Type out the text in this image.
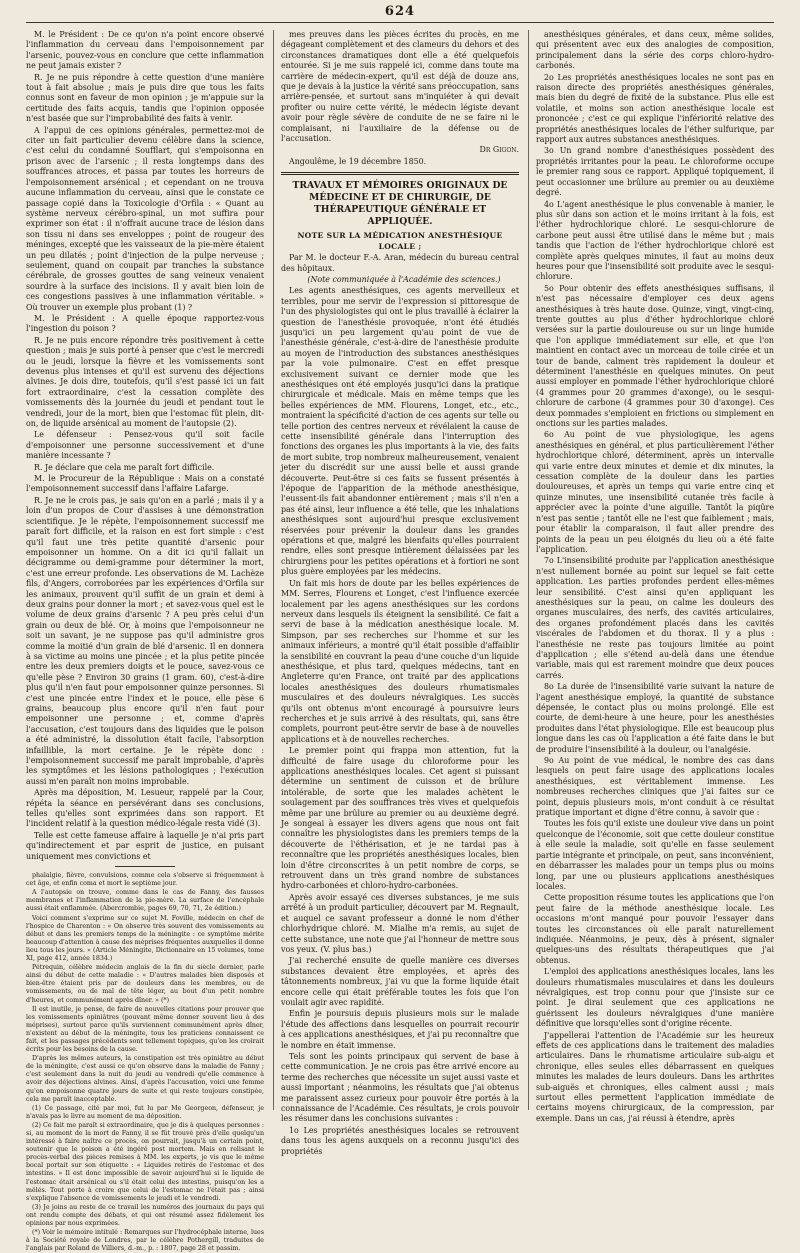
624

M. le Président : De ce qu'on n'a point encore observé l'inflammation du cerveau dans l'empoisonnement par l'arsenic, pouvez-vous en conclure que cette inflammation ne peut jamais exister ?

R. Je ne puis répondre à cette question d'une manière tout à fait absolue ; mais je puis dire que tous les faits connus sont en faveur de mon opinion ; je m'appuie sur la certitude des faits acquis, tandis que l'opinion opposée n'est basée que sur l'improbabilité des faits à venir.

A l'appui de ces opinions générales, permettez-moi de citer un fait particulier devenu célèbre dans la science, c'est celui du condamné Soufflart, qui s'empoisonna en prison avec de l'arsenic ; il resta longtemps dans des souffrances atroces, et passa par toutes les horreurs de l'empoisonnement arsénical ; et cependant on ne trouva aucune inflammation du cerveau, ainsi que le constate ce passage copié dans la Toxicologie d'Orfila : « Quant au système nerveux cérébro-spinal, un mot suffira pour exprimer son état : il n'offrait aucune trace de lésion dans son tissu ni dans ses enveloppes ; point de rougeur des méninges, excepté que les vaisseaux de la pie-mère étaient un peu dilatés ; point d'injection de la pulpe nerveuse ; seulement, quand on coupait par tranches la substance cérébrale, de grosses gouttes de sang veineux venaient sourdre à la surface des incisions. Il y avait bien loin de ces congestions passives à une inflammation véritable. » Où trouver un exemple plus probant (1) ?

M. le Président : A quelle époque rapportez-vous l'ingestion du poison ?

R. Je ne puis encore répondre très positivement à cette question ; mais je suis porté à penser que c'est le mercredi ou le jeudi, lorsque la fièvre et les vomissements sont devenus plus intenses et qu'il est survenu des déjections alvines. Je dois dire, toutefois, qu'il s'est passé ici un fait fort extraordinaire, c'est la cessation complète des vomissements dès la journée du jeudi et pendant tout le vendredi, jour de la mort, bien que l'estomac fût plein, dit-on, de liquide arsénical au moment de l'autopsie (2).

Le défenseur : Pensez-vous qu'il soit facile d'empoisonner une personne successivement et d'une manière incessante ?

R. Je déclare que cela me paraît fort difficile.

M. le Procureur de la République : Mais on a constaté l'empoisonnement successif dans l'affaire Lafarge.

R. Je ne le crois pas, je sais qu'on en a parlé ; mais il y a loin d'un propos de Cour d'assises à une démonstration scientifique. Je le répète, l'empoisonnement successif me paraît fort difficile, et la raison en est fort simple : c'est qu'il faut une très petite quantité d'arsenic pour empoisonner un homme. On a dit ici qu'il fallait un décigramme ou demi-gramme pour déterminer la mort, c'est une erreur profonde. Les observations de M. Lachèze fils, d'Angers, corroborées par les expériences d'Orfila sur les animaux, prouvent qu'il suffit de un grain et demi à deux grains pour donner la mort ; et savez-vous quel est le volume de deux grains d'arsenic ? A peu près celui d'un grain ou deux de blé. Or, à moins que l'empoisonneur ne soit un savant, je ne suppose pas qu'il administre gros comme la moitié d'un grain de blé d'arsenic. Il en donnera à sa victime au moins une pincée ; et la plus petite pincée entre les deux premiers doigts et le pouce, savez-vous ce qu'elle pèse ? Environ 30 grains (1 gram. 60), c'est-à-dire plus qu'il n'en faut pour empoisonner quinze personnes. Si c'est une pincée entre l'index et le pouce, elle pèse 6 grains, beaucoup plus encore qu'il n'en faut pour empoisonner une personne ; et, comme d'après l'accusation, c'est toujours dans des liquides que le poison a été administré, la dissolution était facile, l'absorption infaillible, la mort certaine. Je le répète donc : l'empoisonnement successif me paraît improbable, d'après les symptômes et les lésions pathologiques ; l'exécution aussi m'en paraît non moins improbable.

Après ma déposition, M. Lesueur, rappelé par la Cour, répéta la séance en persévérant dans ses conclusions, telles qu'elles sont exprimées dans son rapport. Et l'incident relatif à la question médico-légale resta vidé (3).

Telle est cette fameuse affaire à laquelle je n'ai pris part qu'indirectement et par esprit de justice, en puisant uniquement mes convictions et

phalalgie, fièvre, convulsions, comme cela s'observe si fréquemment à cet âge, et enfin coma et mort le septième jour.

A l'autopsie on trouve, comme dans le cas de Fanny, des fausses membranes et l'inflammation de la pie-mère. La surface de l'encéphale aussi était enflammée. (Abercrombie, pages 69, 70, 71, 2e édition.)

Voici comment s'exprime sur ce sujet M. Foville, médecin en chef de l'hospice de Charenton : « On observe très souvent des vomissements au début et dans les premiers temps de la méningite : ce symptôme mérite beaucoup d'attention à cause des méprises fréquentes auxquelles il donne lieu tous les jours. » (Article Méningite, Dictionnaire en 15 volumes, tome XI, page 412, année 1834.)

Pétrequin, célèbre médecin anglais de la fin du siècle dernier, parle ainsi du début de cette maladie : « D'autres malades bien disposés et bien-être étaient pris par de douleurs dans les membres, ou de vomissements, ou de mal de tête léger, au bout d'un petit nombre d'heures, et communément après dîner. » (*)

Il est inutile, je pense, de faire de nouvelles citations pour prouver que les vomissements opiniâtres (pouvant même donner souvent lieu à des méprises), surtout parce qu'ils surviennent communément après dîner, n'existent au début de la méningite, tous les praticiens connaissent ce fait, et les passages précédents sont tellement topiques, qu'on les croirait écrits pour les besoins de la cause.

D'après les mêmes auteurs, la constipation est très opiniâtre au début de la méningite, c'est aussi ce qu'on observe dans la maladie de Fanny ; c'est seulement dans la nuit du jeudi au vendredi qu'elle commence à avoir des déjections alvines. Ainsi, d'après l'accusation, voici une femme qu'on empoisonne quatre jours de suite et qui reste toujours constipée, cela me paraît inacceptable.

(1) Ce passage, cité par moi, fut lu par Me Georgeon, défenseur, je n'avais pas le livre au moment de ma déposition.

(2) Ce fait me paraît si extraordinaire, que je dis à quelques personnes : si, au moment de la mort de Fanny, il se fût trouvé près d'elle quelqu'un intéressé à faire naître ce procès, on pourrait, jusqu'à un certain point, soutenir que le poison a été ingéré post mortem. Mais en relisant le procès-verbal des pièces remises à MM. les experts, je vis que le même bocal portait sur son étiquette : « Liquides retirés de l'estomac et des intestins. » Il est donc impossible de savoir aujourd'hui si le liquide de l'estomac était arsénical ou s'il était celui des intestins, puisqu'on les a mêlés. Tout porte à croire que celui de l'estomac ne l'était pas ; ainsi s'explique l'absence de vomissements le jeudi et le vendredi.

(3) Je joins au reste de ce travail les numéros des journaux du pays qui ont rendu compte des débats, et qui ont résumé assez fidèlement les opinions par nous exprimées.

(*) Voir le mémoire intitulé : Remarques sur l'hydrocéphale interne, lues à la Société royale de Londres, par le célèbre Pothergill, traduites de l'anglais par Roland de Villiers, d.-m., p. : 1807, page 28 et passim.

mes preuves dans les pièces écrites du procès, en me dégageant complètement et des clameurs du dehors et des circonstances dramatiques dont elle a été quelquefois entourée. Si je me suis rappelé ici, comme dans toute ma carrière de médecin-expert, qu'il est déjà de douze ans, que je devais à la justice la vérité sans préoccupation, sans arrière-pensée, et surtout sans m'inquiéter à qui devait profiter ou nuire cette vérité, le médecin légiste devant avoir pour règle sévère de conduite de ne se faire ni le complaisant, ni l'auxiliaire de la défense ou de l'accusation.

Dr Gigon.

Angoulême, le 19 décembre 1850.

TRAVAUX ET MÉMOIRES ORIGINAUX DE MÉDECINE ET DE CHIRURGIE, DE THÉRAPEUTIQUE GÉNÉRALE ET APPLIQUÉE.
NOTE SUR LA MÉDICATION ANESTHÉSIQUE LOCALE ;

Par M. le docteur F.-A. Aran, médecin du bureau central des hôpitaux.

(Note communiquée à l'Académie des sciences.)

Les agents anesthésiques, ces agents merveilleux et terribles, pour me servir de l'expression si pittoresque de l'un des physiologistes qui ont le plus travaillé à éclairer la question de l'anesthésie provoquée, n'ont été étudiés jusqu'ici un peu largement qu'au point de vue de l'anesthésie générale, c'est-à-dire de l'anesthésie produite au moyen de l'introduction des substances anesthésiques par la voie pulmonaire. C'est en effet presque exclusivement suivant ce dernier mode que les anesthésiques ont été employés jusqu'ici dans la pratique chirurgicale et médicale. Mais en même temps que les belles expériences de MM. Flourens, Longet, etc., etc., montraient la spécificité d'action de ces agents sur telle ou telle portion des centres nerveux et révélaient la cause de cette insensibilité générale dans l'interruption des fonctions des organes les plus importants à la vie, des faits de mort subite, trop nombreux malheureusement, venaient jeter du discrédit sur une aussi belle et aussi grande découverte. Peut-être si ces faits se fussent présentés à l'époque de l'apparition de la méthode anesthésique, l'eussent-ils fait abandonner entièrement ; mais s'il n'en a pas été ainsi, leur influence a été telle, que les inhalations anesthésiques sont aujourd'hui presque exclusivement réservées pour prévenir la douleur dans les grandes opérations et que, malgré les bienfaits qu'elles pourraient rendre, elles sont presque intièrement délaissées par les chirurgiens pour les petites opérations et à fortiori ne sont plus guère employées par les médecins.

Un fait mis hors de doute par les belles expériences de MM. Serres, Flourens et Longet, c'est l'influence exercée localement par les agens anesthésiques sur les cordons nerveux dans lesquels ils éteignent la sensibilité. Ce fait a servi de base à la médication anesthésique locale. M. Simpson, par ses recherches sur l'homme et sur les animaux inférieurs, a montré qu'il était possible d'affaiblir la sensibilité en couvrant la peau d'une couche d'un liquide anesthésique, et plus tard, quelques médecins, tant en Angleterre qu'en France, ont traité par des applications locales anesthésiques des douleurs rhumatismales musculaires et des douleurs névralgiques. Les succès qu'ils ont obtenus m'ont encouragé à poursuivre leurs recherches et je suis arrivé à des résultats, qui, sans être complets, pourront peut-être servir de base à de nouvelles applications et à de nouvelles recherches.

Le premier point qui frappa mon attention, fut la difficulté de faire usage du chloroforme pour les applications anesthésiques locales. Cet agent si puissant détermine un sentiment de cuisson et de brûlure intolérable, de sorte que les malades achètent le soulagement par des souffrances très vives et quelquefois même par une brûlure au premier ou au deuxième degré. Je songeai à essayer les divers agens que nous ont fait connaître les physiologistes dans les premiers temps de la découverte de l'éthérisation, et je ne tardai pas à reconnaître que les propriétés anesthésiques locales, bien loin d'être circonscrites à un petit nombre de corps, se retrouvent dans un très grand nombre de substances hydro-carbonées et chloro-hydro-carbonées.

Après avoir essayé ces diverses substances, je me suis arrêté à un produit particulier, découvert par M. Regnault, et auquel ce savant professeur a donné le nom d'éther chlorhydrique chloré. M. Mialhe m'a remis, au sujet de cette substance, une note que j'ai l'honneur de mettre sous vos yeux. (V. plus bas.)

J'ai recherché ensuite de quelle manière ces diverses substances devaient être employées, et après des tâtonnements nombreux, j'ai vu que la forme liquide était encore celle qui était préférable toutes les fois que l'on voulait agir avec rapidité.

Enfin je poursuis depuis plusieurs mois sur le malade l'étude des affections dans lesquelles on pourrait recourir à ces applications anesthésiques, et j'ai pu reconnaître que le nombre en était immense.

Tels sont les points principaux qui servent de base à cette communication. Je ne crois pas être arrivé encore au terme des recherches que nécessite un sujet aussi vaste et aussi important ; néanmoins, les résultats que j'ai obtenus me paraissent assez curieux pour pouvoir être portés à la connaissance de l'Académie. Ces résultats, je crois pouvoir les résumer dans les conclusions suivantes :

1o Les propriétés anesthésiques locales se retrouvent dans tous les agens auxquels on a reconnu jusqu'ici des propriétés

anesthésiques générales, et dans ceux, même solides, qui présentent avec eux des analogies de composition, principalement dans la série des corps chloro-hydro-carbonés.

2o Les propriétés anesthésiques locales ne sont pas en raison directe des propriétés anesthésiques générales, mais bien du degré de fixité de la substance. Plus elle est volatile, et moins son action anesthésique locale est prononcée ; c'est ce qui explique l'infériorité relative des propriétés anesthésiques locales de l'éther sulfurique, par rapport aux autres substances anesthésiques.

3o Un grand nombre d'anesthésiques possèdent des propriétés irritantes pour la peau. Le chloroforme occupe le premier rang sous ce rapport. Appliqué topiquement, il peut occasionner une brûlure au premier ou au deuxième degré.

4o L'agent anesthésique le plus convenable à manier, le plus sûr dans son action et le moins irritant à la fois, est l'éther hydrochlorique chloré. Le sesqui-chlorure de carbone peut aussi être utilisé dans le même but ; mais tandis que l'action de l'éther hydrochlorique chloré est complète après quelques minutes, il faut au moins deux heures pour que l'insensibilité soit produite avec le sesqui-chlorure.

5o Pour obtenir des effets anesthésiques suffisans, il n'est pas nécessaire d'employer ces deux agens anesthésiques à très haute dose. Quinze, vingt, vingt-cinq, trente gouttes au plus d'éther hydrochlorique chloré versées sur la partie douloureuse ou sur un linge humide que l'on applique immédiatement sur elle, et que l'on maintient en contact avec un morceau de toile cirée et un tour de bande, calment très rapidement la douleur et déterminent l'anesthésie en quelques minutes. On peut aussi employer en pommade l'éther hydrochlorique chloré (4 grammes pour 20 grammes d'axonge), ou le sesqui-chlorure de carbone (4 grammes pour 30 d'axonge). Ces deux pommades s'emploient en frictions ou simplement en onctions sur les parties malades.

6o Au point de vue physiologique, les agens anesthésiques en général, et plus particulièrement l'éther hydrochlorique chloré, déterminent, après un intervalle qui varie entre deux minutes et demie et dix minutes, la cessation complète de la douleur dans les parties douloureuses, et après un temps qui varie entre cinq et quinze minutes, une insensibilité cutanée très facile à apprécier avec la pointe d'une aiguille. Tantôt la piqûre n'est pas sentie ; tantôt elle ne l'est que faiblement ; mais, pour établir la comparaison, il faut aller prendre des points de la peau un peu éloignés du lieu où a été faite l'application.

7o L'insensibilité produite par l'application anesthésique n'est nullement bornée au point sur lequel se fait cette application. Les parties profondes perdent elles-mêmes leur sensibilité. C'est ainsi qu'en appliquant les anesthésiques sur la peau, on calme les douleurs des organes musculaires, des nerfs, des cavités articulaires, des organes profondément placés dans les cavités viscérales de l'abdomen et du thorax. Il y a plus : l'anesthésie ne reste pas toujours limitée au point d'application ; elle s'étend au-delà dans une étendue variable, mais qui est rarement moindre que deux pouces carrés.

8o La durée de l'insensibilité varie suivant la nature de l'agent anesthésique employé, la quantité de substance dépensée, le contact plus ou moins prolongé. Elle est courte, de demi-heure à une heure, pour les anesthésies produites dans l'état physiologique. Elle est beaucoup plus longue dans les cas où l'application a été faite dans le but de produire l'insensibilité à la douleur, ou l'analgésie.

9o Au point de vue médical, le nombre des cas dans lesquels on peut faire usage des applications locales anesthésiques, est véritablement immense. Les nombreuses recherches cliniques que j'ai faites sur ce point, depuis plusieurs mois, m'ont conduit à ce résultat pratique important et digne d'être connu, à savoir que :

Toutes les fois qu'il existe une douleur vive dans un point quelconque de l'économie, soit que cette douleur constitue à elle seule la maladie, soit qu'elle en fasse seulement partie intégrante et principale, on peut, sans inconvénient, en débarrasser les malades pour un temps plus ou moins long, par une ou plusieurs applications anesthésiques locales.

Cette proposition résume toutes les applications que l'on peut faire de la méthode anesthésique locale. Les occasions m'ont manqué pour pouvoir l'essayer dans toutes les circonstances où elle paraît naturellement indiquée. Néanmoins, je peux, dès à présent, signaler quelques-uns des résultats thérapeutiques que j'ai obtenus.

L'emploi des applications anesthésiques locales, lans les douleurs rhumatismales musculaires et dans les douleurs névralgiques, est trop connu pour que j'insiste sur ce point. Je dirai seulement que ces applications ne guérissent les douleurs névralgiques d'une manière définitive que lorsqu'elles sont d'origine récente.

J'appellerai l'attention de l'Académie sur les heureux effets de ces applications dans le traitement des maladies articulaires. Dans le rhumatisme articulaire sub-aigu et chronique, elles seules elles débarrassent en quelques minutes les malades de leurs douleurs. Dans les arthrites sub-aiguës et chroniques, elles calment aussi ; mais surtout elles permettent l'application immédiate de certains moyens chirurgicaux, de la compression, par exemple. Dans un cas, j'ai réussi à étendre, après
